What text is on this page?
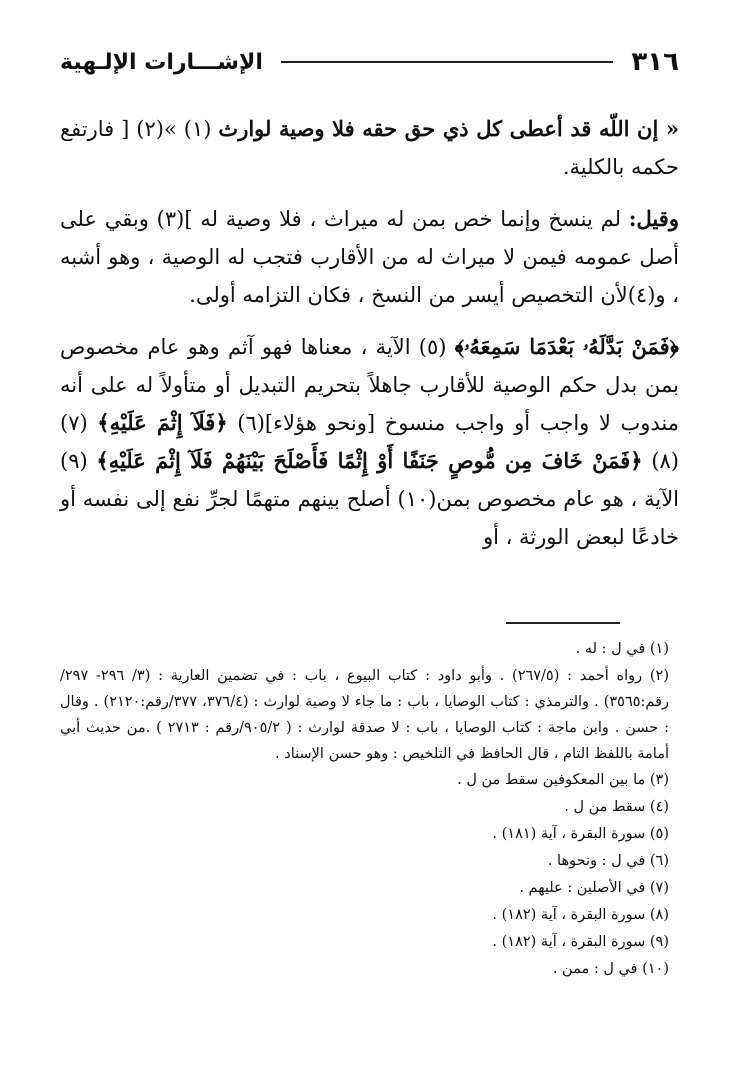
٣١٦
الإشـــارات الإلـهية

« إن اللّه قد أعطى كل ذي حق حقه فلا وصية لوارث (١) »(٢) [ فارتفع حكمه بالكلية.

وقيل: لم ينسخ وإنما خص بمن له ميراث ، فلا وصية له ](٣) وبقي على أصل عمومه فيمن لا ميراث له من الأقارب فتجب له الوصية ، وهو أشبه ، و(٤)لأن التخصيص أيسر من النسخ ، فكان التزامه أولى.

﴿فَمَنْ بَدَّلَهُۥ بَعْدَمَا سَمِعَهُۥ﴾ (٥) الآية ، معناها فهو آثم وهو عام مخصوص بمن بدل حكم الوصية للأقارب جاهلاً بتحريم التبديل أو متأولاً له على أنه مندوب لا واجب أو واجب منسوخ [ونحو هؤلاء](٦) ﴿فَلَآ إِثْمَ عَلَيْهِ﴾ (٧) (٨) ﴿فَمَنْ خَافَ مِن مُّوصٍ جَنَفًا أَوْ إِثْمًا فَأَصْلَحَ بَيْنَهُمْ فَلَآ إِثْمَ عَلَيْهِ﴾ (٩) الآية ، هو عام مخصوص بمن(١٠) أصلح بينهم متهمًا لجرِّ نفع إلى نفسه أو خادعًا لبعض الورثة ، أو

(١) في ل : له .

(٢) رواه أحمد : (٢٦٧/٥) . وأبو داود : كتاب البيوع ، باب : في تضمين العارية : (٣/ ٢٩٦- ٢٩٧/رقم:٣٥٦٥) . والترمذي : كتاب الوصايا ، باب : ما جاء لا وصية لوارث : (٣٧٦/٤، ٣٧٧/رقم:٢١٢٠) . وقال : حسن . وابن ماجة : كتاب الوصايا ، باب : لا صدقة لوارث : ( ٩٠٥/٢/رقم : ٢٧١٣ ) .من حديث أبي أمامة باللفظ التام ، قال الحافظ في التلخيص : وهو حسن الإسناد .

(٣) ما بين المعكوفين سقط من ل .

(٤) سقط من ل .

(٥) سورة البقرة ، آية (١٨١) .

(٦) في ل : ونحوها .

(٧) في الأصلين : عليهم .

(٨) سورة البقرة ، آية (١٨٢) .

(٩) سورة البقرة ، آية (١٨٢) .

(١٠) في ل : ممن .
